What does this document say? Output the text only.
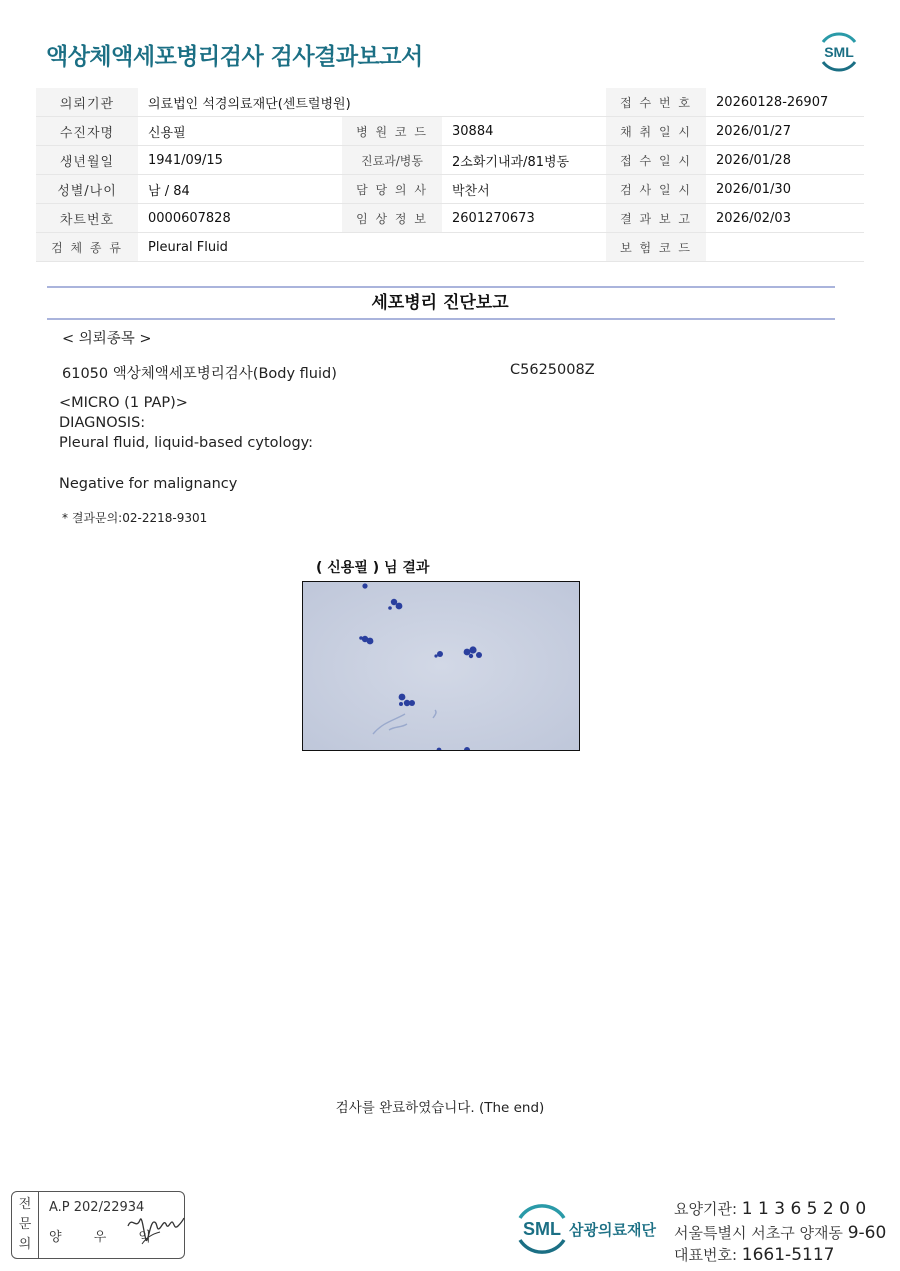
액상체액세포병리검사 검사결과보고서	SML
의뢰기관	의료법인 석경의료재단(센트럴병원)			접 수 번 호	20260128-26907
수진자명	신용필	병 원 코 드	30884	채 취 일 시	2026/01/27
생년월일	1941/09/15	진료과/병동	2소화기내과/81병동	접 수 일 시	2026/01/28
성별/나이	남 / 84	담 당 의 사	박찬서	검 사 일 시	2026/01/30
차트번호	0000607828	임 상 정 보	2601270673	결 과 보 고	2026/02/03
검 체 종 류	Pleural Fluid			보 험 코 드	
세포병리 진단보고
< 의뢰종목 >
61050 액상체액세포병리검사(Body fluid)	C5625008Z
<MICRO (1 PAP)>
DIAGNOSIS:
Pleural fluid, liquid-based cytology:
Negative for malignancy
* 결과문의:02-2218-9301
( 신용필 ) 님 결과
검사를 완료하였습니다. (The end)
전
문
의
A.P 202/22934
양 우 익	SML 삼광의료재단
요양기관: 1 1 3 6 5 2 0 0
서울특별시 서초구 양재동 9-60
대표번호: 1661-5117
